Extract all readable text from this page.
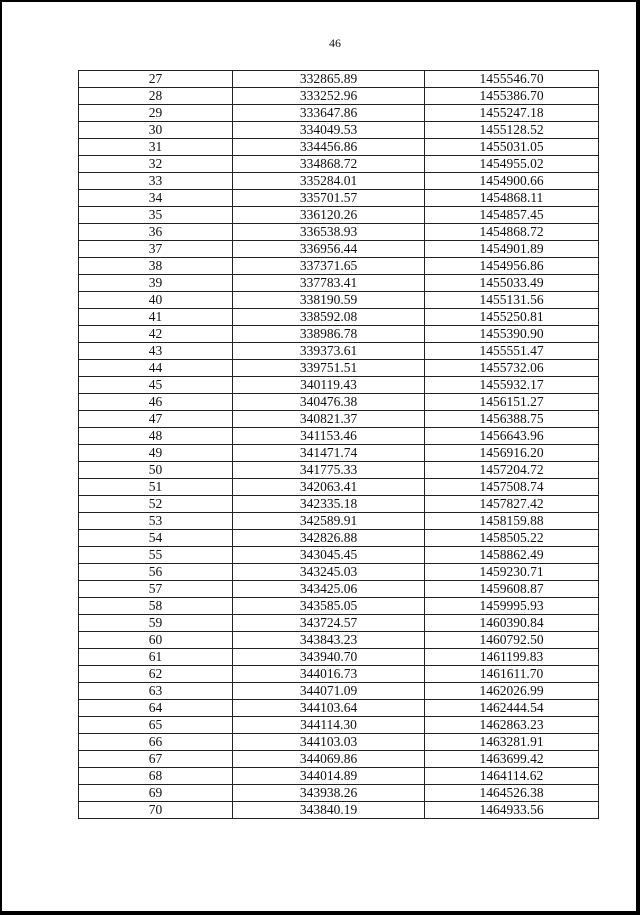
46
27	332865.89	1455546.70
28	333252.96	1455386.70
29	333647.86	1455247.18
30	334049.53	1455128.52
31	334456.86	1455031.05
32	334868.72	1454955.02
33	335284.01	1454900.66
34	335701.57	1454868.11
35	336120.26	1454857.45
36	336538.93	1454868.72
37	336956.44	1454901.89
38	337371.65	1454956.86
39	337783.41	1455033.49
40	338190.59	1455131.56
41	338592.08	1455250.81
42	338986.78	1455390.90
43	339373.61	1455551.47
44	339751.51	1455732.06
45	340119.43	1455932.17
46	340476.38	1456151.27
47	340821.37	1456388.75
48	341153.46	1456643.96
49	341471.74	1456916.20
50	341775.33	1457204.72
51	342063.41	1457508.74
52	342335.18	1457827.42
53	342589.91	1458159.88
54	342826.88	1458505.22
55	343045.45	1458862.49
56	343245.03	1459230.71
57	343425.06	1459608.87
58	343585.05	1459995.93
59	343724.57	1460390.84
60	343843.23	1460792.50
61	343940.70	1461199.83
62	344016.73	1461611.70
63	344071.09	1462026.99
64	344103.64	1462444.54
65	344114.30	1462863.23
66	344103.03	1463281.91
67	344069.86	1463699.42
68	344014.89	1464114.62
69	343938.26	1464526.38
70	343840.19	1464933.56
